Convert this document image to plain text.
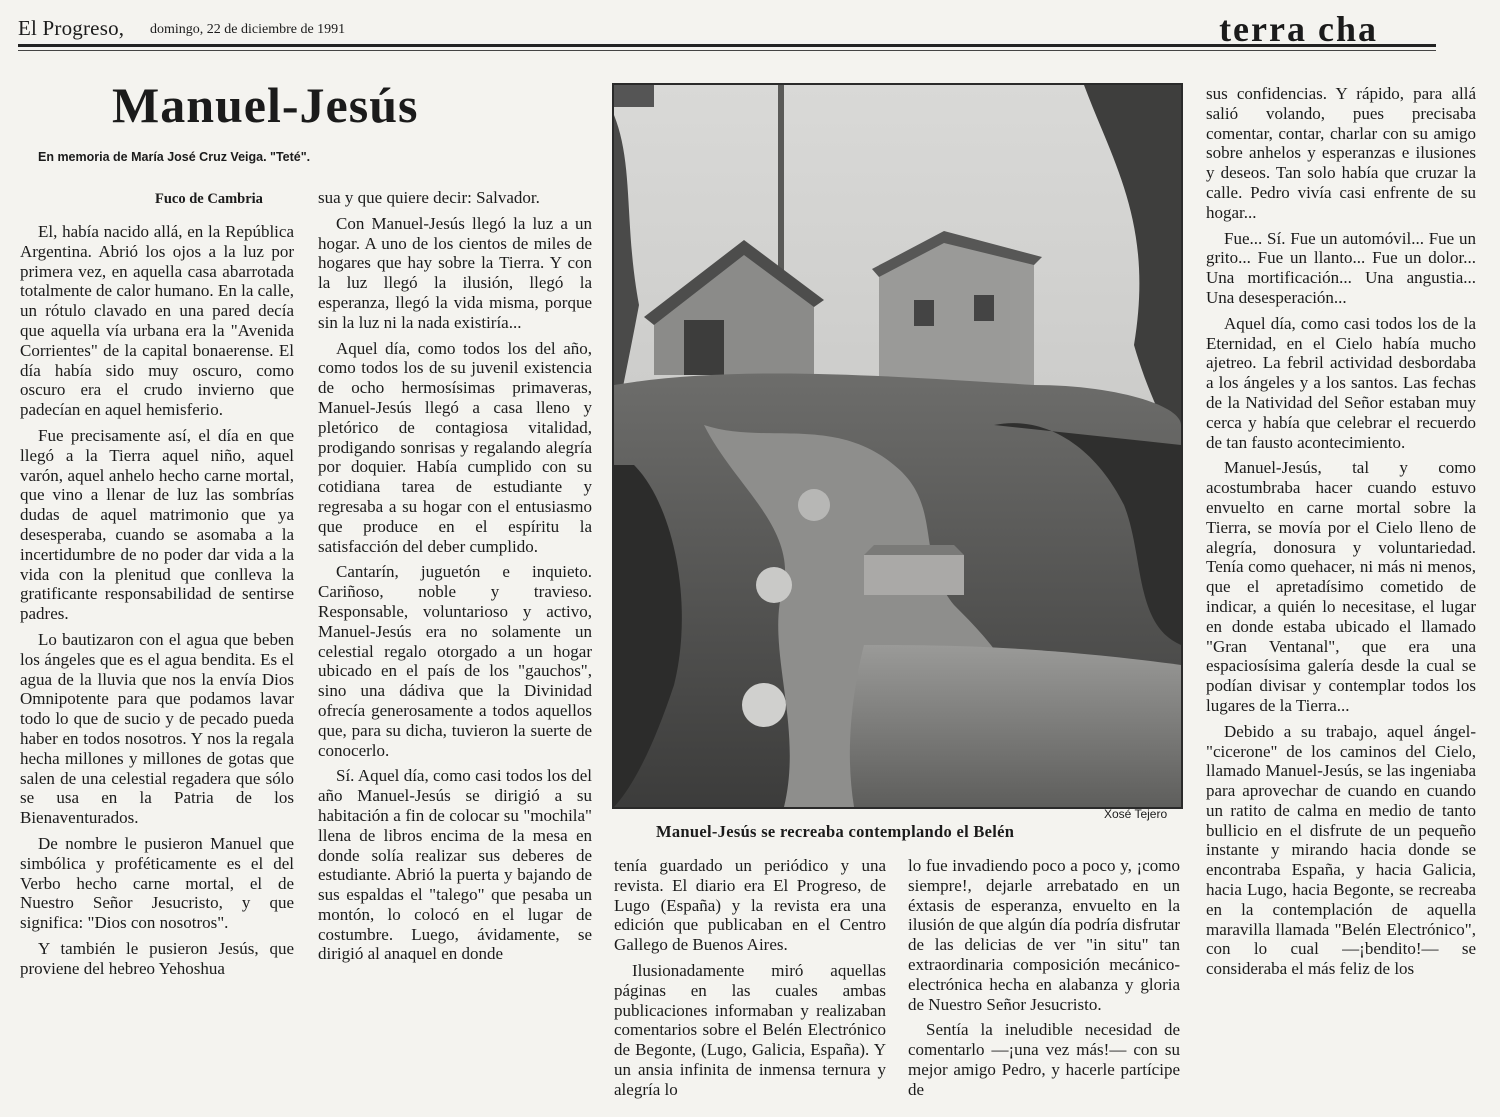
El Progreso, domingo, 22 de diciembre de 1991	terra cha
Manuel-Jesús
En memoria de María José Cruz Veiga. "Teté".
Fuco de Cambria

El, había nacido allá, en la República Argentina. Abrió los ojos a la luz por primera vez, en aquella casa abarrotada totalmente de calor humano. En la calle, un rótulo clavado en una pared decía que aquella vía urbana era la "Avenida Corrientes" de la capital bonaerense. El día había sido muy oscuro, como oscuro era el crudo invierno que padecían en aquel hemisferio.

Fue precisamente así, el día en que llegó a la Tierra aquel niño, aquel varón, aquel anhelo hecho carne mortal, que vino a llenar de luz las sombrías dudas de aquel matrimonio que ya desesperaba, cuando se asomaba a la incertidumbre de no poder dar vida a la vida con la plenitud que conlleva la gratificante responsabilidad de sentirse padres.

Lo bautizaron con el agua que beben los ángeles que es el agua bendita. Es el agua de la lluvia que nos la envía Dios Omnipotente para que podamos lavar todo lo que de sucio y de pecado pueda haber en todos nosotros. Y nos la regala hecha millones y millones de gotas que salen de una celestial regadera que sólo se usa en la Patria de los Bienaventurados.

De nombre le pusieron Manuel que simbólica y proféticamente es el del Verbo hecho carne mortal, el de Nuestro Señor Jesucristo, y que significa: "Dios con nosotros".

Y también le pusieron Jesús, que proviene del hebreo Yehoshua

sua y que quiere decir: Salvador.

Con Manuel-Jesús llegó la luz a un hogar. A uno de los cientos de miles de hogares que hay sobre la Tierra. Y con la luz llegó la ilusión, llegó la esperanza, llegó la vida misma, porque sin la luz ni la nada existiría...

Aquel día, como todos los del año, como todos los de su juvenil existencia de ocho hermosísimas primaveras, Manuel-Jesús llegó a casa lleno y pletórico de contagiosa vitalidad, prodigando sonrisas y regalando alegría por doquier. Había cumplido con su cotidiana tarea de estudiante y regresaba a su hogar con el entusiasmo que produce en el espíritu la satisfacción del deber cumplido.

Cantarín, juguetón e inquieto. Cariñoso, noble y travieso. Responsable, voluntarioso y activo, Manuel-Jesús era no solamente un celestial regalo otorgado a un hogar ubicado en el país de los "gauchos", sino una dádiva que la Divinidad ofrecía generosamente a todos aquellos que, para su dicha, tuvieron la suerte de conocerlo.

Sí. Aquel día, como casi todos los del año Manuel-Jesús se dirigió a su habitación a fin de colocar su "mochila" llena de libros encima de la mesa en donde solía realizar sus deberes de estudiante. Abrió la puerta y bajando de sus espaldas el "talego" que pesaba un montón, lo colocó en el lugar de costumbre. Luego, ávidamente, se dirigió al anaquel en donde

Xosé Tejero
Manuel-Jesús se recreaba contemplando el Belén

tenía guardado un periódico y una revista. El diario era El Progreso, de Lugo (España) y la revista era una edición que publicaban en el Centro Gallego de Buenos Aires.

Ilusionadamente miró aquellas páginas en las cuales ambas publicaciones informaban y realizaban comentarios sobre el Belén Electrónico de Begonte, (Lugo, Galicia, España). Y un ansia infinita de inmensa ternura y alegría lo

lo fue invadiendo poco a poco y, ¡como siempre!, dejarle arrebatado en un éxtasis de esperanza, envuelto en la ilusión de que algún día podría disfrutar de las delicias de ver "in situ" tan extraordinaria composición mecánico-electrónica hecha en alabanza y gloria de Nuestro Señor Jesucristo.

Sentía la ineludible necesidad de comentarlo —¡una vez más!— con su mejor amigo Pedro, y hacerle partícipe de

sus confidencias. Y rápido, para allá salió volando, pues precisaba comentar, contar, charlar con su amigo sobre anhelos y esperanzas e ilusiones y deseos. Tan solo había que cruzar la calle. Pedro vivía casi enfrente de su hogar...

Fue... Sí. Fue un automóvil... Fue un grito... Fue un llanto... Fue un dolor... Una mortificación... Una angustia... Una desesperación...

Aquel día, como casi todos los de la Eternidad, en el Cielo había mucho ajetreo. La febril actividad desbordaba a los ángeles y a los santos. Las fechas de la Natividad del Señor estaban muy cerca y había que celebrar el recuerdo de tan fausto acontecimiento.

Manuel-Jesús, tal y como acostumbraba hacer cuando estuvo envuelto en carne mortal sobre la Tierra, se movía por el Cielo lleno de alegría, donosura y voluntariedad. Tenía como quehacer, ni más ni menos, que el apretadísimo cometido de indicar, a quién lo necesitase, el lugar en donde estaba ubicado el llamado "Gran Ventanal", que era una espaciosísima galería desde la cual se podían divisar y contemplar todos los lugares de la Tierra...

Debido a su trabajo, aquel ángel-"cicerone" de los caminos del Cielo, llamado Manuel-Jesús, se las ingeniaba para aprovechar de cuando en cuando un ratito de calma en medio de tanto bullicio en el disfrute de un pequeño instante y mirando hacia donde se encontraba España, y hacia Galicia, hacia Lugo, hacia Begonte, se recreaba en la contemplación de aquella maravilla llamada "Belén Electrónico", con lo cual —¡bendito!— se consideraba el más feliz de los
